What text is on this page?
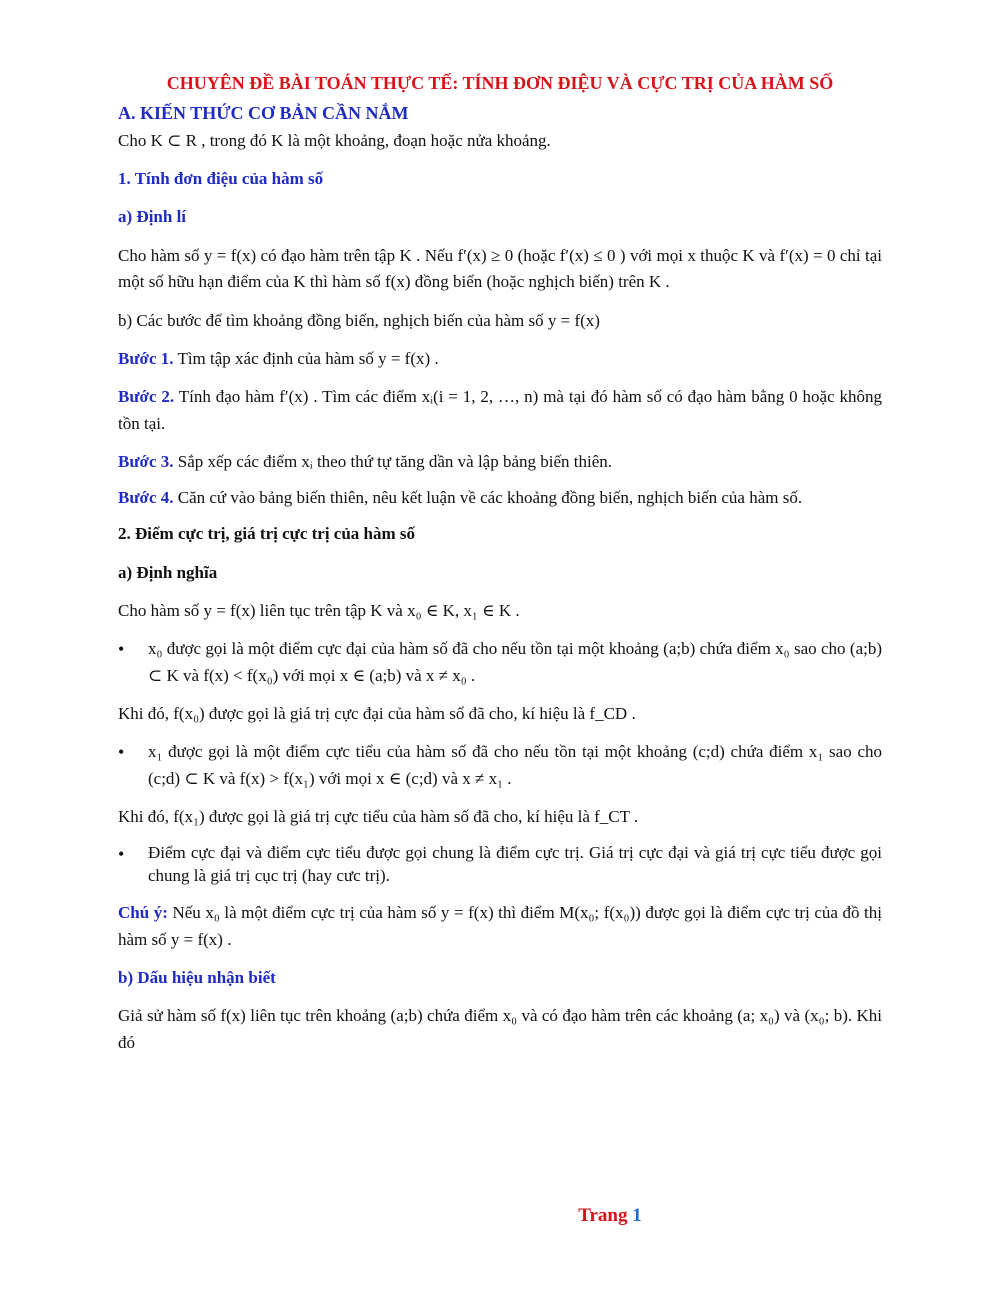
CHUYÊN ĐỀ BÀI TOÁN THỰC TẾ: TÍNH ĐƠN ĐIỆU VÀ CỰC TRỊ CỦA HÀM SỐ
A. KIẾN THỨC CƠ BẢN CẦN NẮM

Cho K ⊂ R , trong đó K là một khoảng, đoạn hoặc nửa khoảng.

1. Tính đơn điệu của hàm số

a) Định lí

Cho hàm số y = f(x) có đạo hàm trên tập K . Nếu f′(x) ≥ 0 (hoặc f′(x) ≤ 0 ) với mọi x thuộc K và f′(x) = 0 chỉ tại một số hữu hạn điểm của K thì hàm số f(x) đồng biến (hoặc nghịch biến) trên K .

b) Các bước để tìm khoảng đồng biến, nghịch biến của hàm số y = f(x)

Bước 1. Tìm tập xác định của hàm số y = f(x) .

Bước 2. Tính đạo hàm f′(x) . Tìm các điểm xᵢ(i = 1, 2, …, n) mà tại đó hàm số có đạo hàm bằng 0 hoặc không tồn tại.

Bước 3. Sắp xếp các điểm xᵢ theo thứ tự tăng dần và lập bảng biến thiên.

Bước 4. Căn cứ vào bảng biến thiên, nêu kết luận về các khoảng đồng biến, nghịch biến của hàm số.

2. Điểm cực trị, giá trị cực trị của hàm số

a) Định nghĩa

Cho hàm số y = f(x) liên tục trên tập K và x₀ ∈ K, x₁ ∈ K .

• x₀ được gọi là một điểm cực đại của hàm số đã cho nếu tồn tại một khoảng (a;b) chứa điểm x₀ sao cho (a;b) ⊂ K và f(x) < f(x₀) với mọi x ∈ (a;b) và x ≠ x₀ .

Khi đó, f(x₀) được gọi là giá trị cực đại của hàm số đã cho, kí hiệu là f_CD .

• x₁ được gọi là một điểm cực tiểu của hàm số đã cho nếu tồn tại một khoảng (c;d) chứa điểm x₁ sao cho (c;d) ⊂ K và f(x) > f(x₁) với mọi x ∈ (c;d) và x ≠ x₁ .

Khi đó, f(x₁) được gọi là giá trị cực tiểu của hàm số đã cho, kí hiệu là f_CT .

• Điểm cực đại và điểm cực tiểu được gọi chung là điểm cực trị. Giá trị cực đại và giá trị cực tiểu được gọi chung là giá trị cục trị (hay cưc trị).

Chú ý: Nếu x₀ là một điểm cực trị của hàm số y = f(x) thì điểm M(x₀; f(x₀)) được gọi là điểm cực trị của đồ thị hàm số y = f(x) .

b) Dấu hiệu nhận biết

Giả sử hàm số f(x) liên tục trên khoảng (a;b) chứa điểm x₀ và có đạo hàm trên các khoảng (a; x₀) và (x₀; b). Khi đó

Trang 1
